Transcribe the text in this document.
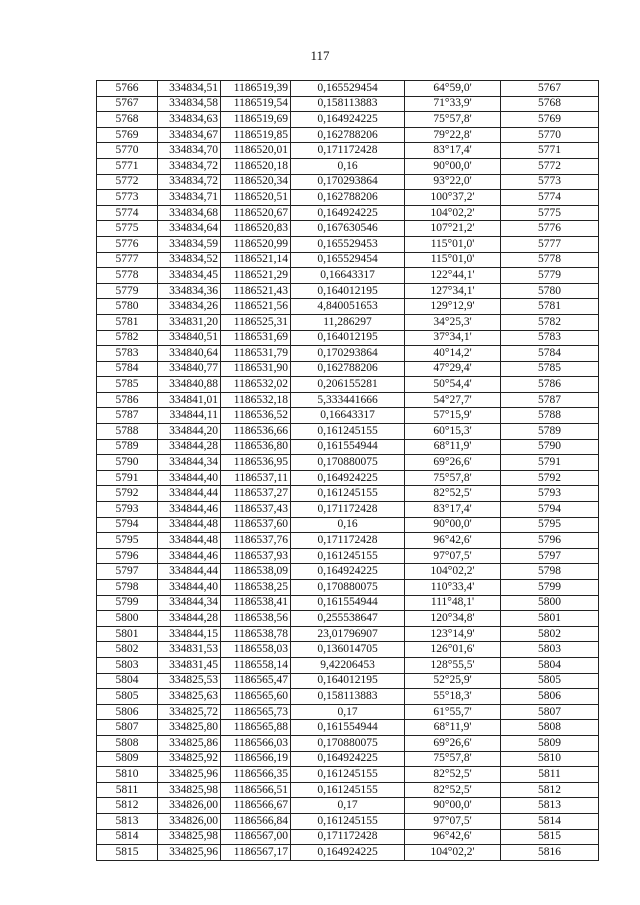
117
5766	334834,51	1186519,39	0,165529454	64°59,0'	5767
5767	334834,58	1186519,54	0,158113883	71°33,9'	5768
5768	334834,63	1186519,69	0,164924225	75°57,8'	5769
5769	334834,67	1186519,85	0,162788206	79°22,8'	5770
5770	334834,70	1186520,01	0,171172428	83°17,4'	5771
5771	334834,72	1186520,18	0,16	90°00,0'	5772
5772	334834,72	1186520,34	0,170293864	93°22,0'	5773
5773	334834,71	1186520,51	0,162788206	100°37,2'	5774
5774	334834,68	1186520,67	0,164924225	104°02,2'	5775
5775	334834,64	1186520,83	0,167630546	107°21,2'	5776
5776	334834,59	1186520,99	0,165529453	115°01,0'	5777
5777	334834,52	1186521,14	0,165529454	115°01,0'	5778
5778	334834,45	1186521,29	0,16643317	122°44,1'	5779
5779	334834,36	1186521,43	0,164012195	127°34,1'	5780
5780	334834,26	1186521,56	4,840051653	129°12,9'	5781
5781	334831,20	1186525,31	11,286297	34°25,3'	5782
5782	334840,51	1186531,69	0,164012195	37°34,1'	5783
5783	334840,64	1186531,79	0,170293864	40°14,2'	5784
5784	334840,77	1186531,90	0,162788206	47°29,4'	5785
5785	334840,88	1186532,02	0,206155281	50°54,4'	5786
5786	334841,01	1186532,18	5,333441666	54°27,7'	5787
5787	334844,11	1186536,52	0,16643317	57°15,9'	5788
5788	334844,20	1186536,66	0,161245155	60°15,3'	5789
5789	334844,28	1186536,80	0,161554944	68°11,9'	5790
5790	334844,34	1186536,95	0,170880075	69°26,6'	5791
5791	334844,40	1186537,11	0,164924225	75°57,8'	5792
5792	334844,44	1186537,27	0,161245155	82°52,5'	5793
5793	334844,46	1186537,43	0,171172428	83°17,4'	5794
5794	334844,48	1186537,60	0,16	90°00,0'	5795
5795	334844,48	1186537,76	0,171172428	96°42,6'	5796
5796	334844,46	1186537,93	0,161245155	97°07,5'	5797
5797	334844,44	1186538,09	0,164924225	104°02,2'	5798
5798	334844,40	1186538,25	0,170880075	110°33,4'	5799
5799	334844,34	1186538,41	0,161554944	111°48,1'	5800
5800	334844,28	1186538,56	0,255538647	120°34,8'	5801
5801	334844,15	1186538,78	23,01796907	123°14,9'	5802
5802	334831,53	1186558,03	0,136014705	126°01,6'	5803
5803	334831,45	1186558,14	9,42206453	128°55,5'	5804
5804	334825,53	1186565,47	0,164012195	52°25,9'	5805
5805	334825,63	1186565,60	0,158113883	55°18,3'	5806
5806	334825,72	1186565,73	0,17	61°55,7'	5807
5807	334825,80	1186565,88	0,161554944	68°11,9'	5808
5808	334825,86	1186566,03	0,170880075	69°26,6'	5809
5809	334825,92	1186566,19	0,164924225	75°57,8'	5810
5810	334825,96	1186566,35	0,161245155	82°52,5'	5811
5811	334825,98	1186566,51	0,161245155	82°52,5'	5812
5812	334826,00	1186566,67	0,17	90°00,0'	5813
5813	334826,00	1186566,84	0,161245155	97°07,5'	5814
5814	334825,98	1186567,00	0,171172428	96°42,6'	5815
5815	334825,96	1186567,17	0,164924225	104°02,2'	5816
